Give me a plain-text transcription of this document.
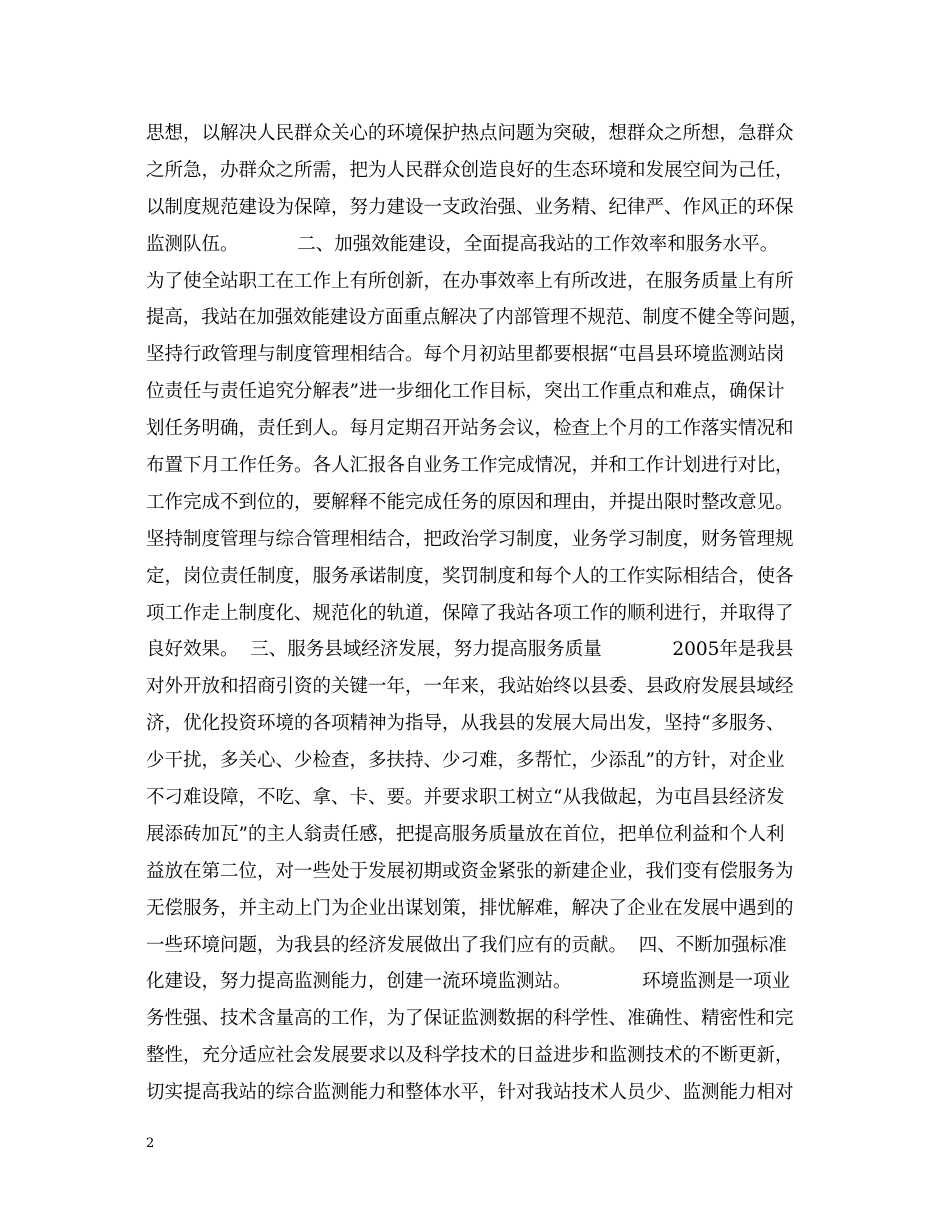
思想，以解决人民群众关心的环境保护热点问题为突破，想群众之所想，急群众
之所急，办群众之所需，把为人民群众创造良好的生态环境和发展空间为己任，
以制度规范建设为保障，努力建设一支政治强、业务精、纪律严、作风正的环保
监测队伍。          二、加强效能建设，全面提高我站的工作效率和服务水平。
为了使全站职工在工作上有所创新，在办事效率上有所改进，在服务质量上有所
提高，我站在加强效能建设方面重点解决了内部管理不规范、制度不健全等问题，
坚持行政管理与制度管理相结合。每个月初站里都要根据“屯昌县环境监测站岗
位责任与责任追究分解表”进一步细化工作目标，突出工作重点和难点，确保计
划任务明确，责任到人。每月定期召开站务会议，检查上个月的工作落实情况和
布置下月工作任务。各人汇报各自业务工作完成情况，并和工作计划进行对比，
工作完成不到位的，要解释不能完成任务的原因和理由，并提出限时整改意见。
坚持制度管理与综合管理相结合，把政治学习制度，业务学习制度，财务管理规
定，岗位责任制度，服务承诺制度，奖罚制度和每个人的工作实际相结合，使各
项工作走上制度化、规范化的轨道，保障了我站各项工作的顺利进行，并取得了
良好效果。  三、服务县域经济发展，努力提高服务质量            2005年是我县
对外开放和招商引资的关键一年，一年来，我站始终以县委、县政府发展县域经
济，优化投资环境的各项精神为指导，从我县的发展大局出发，坚持“多服务、
少干扰，多关心、少检查，多扶持、少刁难，多帮忙，少添乱”的方针，对企业
不刁难设障，不吃、拿、卡、要。并要求职工树立“从我做起，为屯昌县经济发
展添砖加瓦”的主人翁责任感，把提高服务质量放在首位，把单位利益和个人利
益放在第二位，对一些处于发展初期或资金紧张的新建企业，我们变有偿服务为
无偿服务，并主动上门为企业出谋划策，排忧解难，解决了企业在发展中遇到的
一些环境问题，为我县的经济发展做出了我们应有的贡献。  四、不断加强标准
化建设，努力提高监测能力，创建一流环境监测站。            环境监测是一项业
务性强、技术含量高的工作，为了保证监测数据的科学性、准确性、精密性和完
整性，充分适应社会发展要求以及科学技术的日益进步和监测技术的不断更新，
切实提高我站的综合监测能力和整体水平，针对我站技术人员少、监测能力相对
2
